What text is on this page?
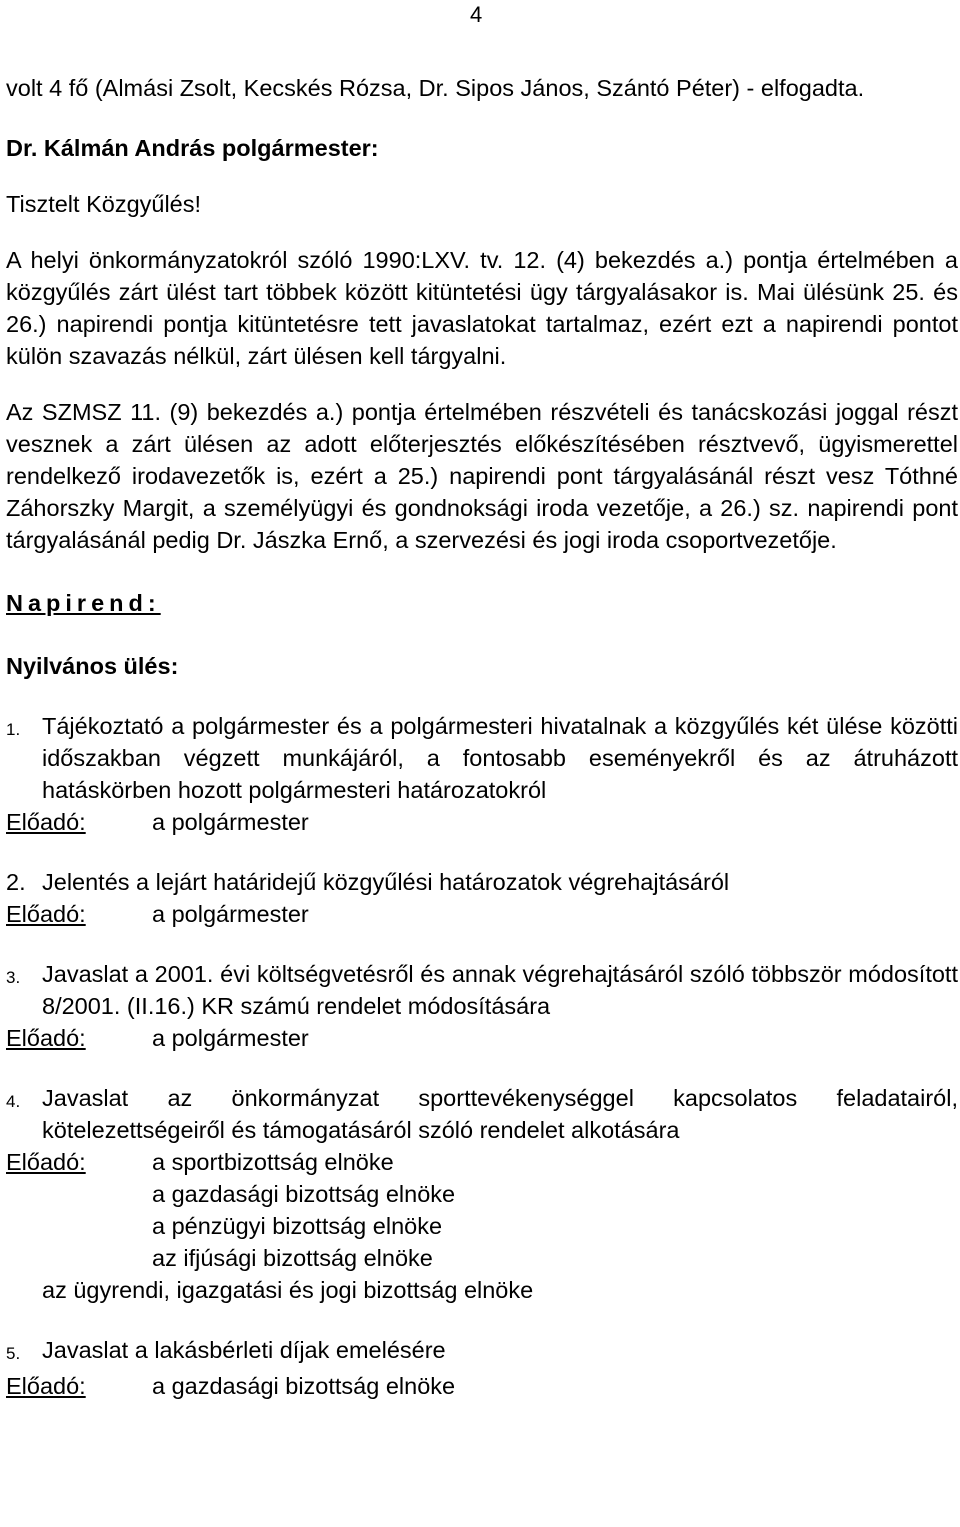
4

volt 4 fő (Almási Zsolt, Kecskés Rózsa, Dr. Sipos János, Szántó Péter) - elfogadta.

Dr. Kálmán András polgármester:

Tisztelt Közgyűlés!

A helyi önkormányzatokról szóló 1990:LXV. tv. 12. (4) bekezdés a.) pontja értelmében a közgyűlés zárt ülést tart többek között kitüntetési ügy tárgyalásakor is. Mai ülésünk 25. és 26.) napirendi pontja kitüntetésre tett javaslatokat tartalmaz, ezért ezt a napirendi pontot külön szavazás nélkül, zárt ülésen kell tárgyalni.

Az SZMSZ 11. (9) bekezdés a.) pontja értelmében részvételi és tanácskozási joggal részt vesznek a zárt ülésen az adott előterjesztés előkészítésében résztvevő, ügyismerettel rendelkező irodavezetők is, ezért a 25.) napirendi pont tárgyalásánál részt vesz Tóthné Záhorszky Margit, a személyügyi és gondnoksági iroda vezetője, a 26.) sz. napirendi pont tárgyalásánál pedig Dr. Jászka Ernő, a szervezési és jogi iroda csoportvezetője.

Napirend:

Nyilvános ülés:

1. Tájékoztató a polgármester és a polgármesteri hivatalnak a közgyűlés két ülése közötti időszakban végzett munkájáról, a fontosabb eseményekről és az átruházott hatáskörben hozott polgármesteri határozatokról
Előadó:	a polgármester
2. Jelentés a lejárt határidejű közgyűlési határozatok végrehajtásáról
Előadó:	a polgármester
3. Javaslat a 2001. évi költségvetésről és annak végrehajtásáról szóló többször módosított 8/2001. (II.16.) KR számú rendelet módosítására
Előadó:	a polgármester
4. Javaslat az önkormányzat sporttevékenységgel kapcsolatos feladatairól, kötelezettségeiről és támogatásáról szóló rendelet alkotására
Előadó:	a sportbizottság elnöke
a gazdasági bizottság elnöke
a pénzügyi bizottság elnöke
az ifjúsági bizottság elnöke
az ügyrendi, igazgatási és jogi bizottság elnöke
5. Javaslat a lakásbérleti díjak emelésére
Előadó:	a gazdasági bizottság elnöke
